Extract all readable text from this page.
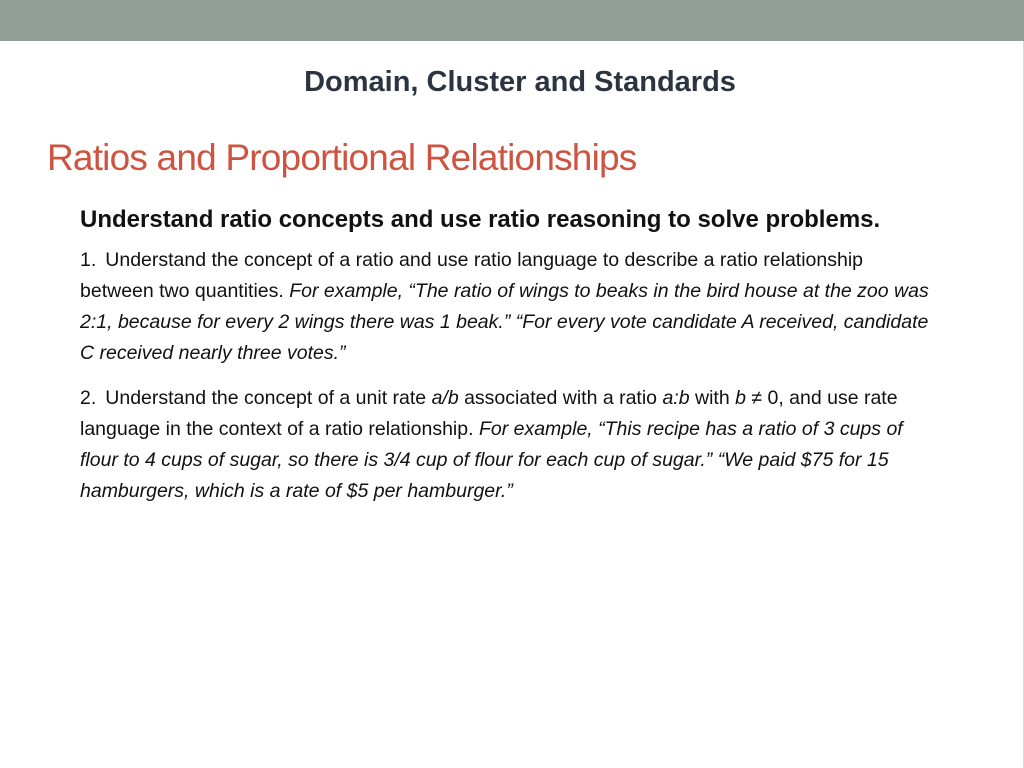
Domain, Cluster and Standards
Ratios and Proportional Relationships
Understand ratio concepts and use ratio reasoning to solve problems.

1. Understand the concept of a ratio and use ratio language to describe a ratio relationship between two quantities. For example, “The ratio of wings to beaks in the bird house at the zoo was 2:1, because for every 2 wings there was 1 beak.” “For every vote candidate A received, candidate C received nearly three votes.”

2. Understand the concept of a unit rate a/b associated with a ratio a:b with b ≠ 0, and use rate language in the context of a ratio relationship. For example, “This recipe has a ratio of 3 cups of flour to 4 cups of sugar, so there is 3/4 cup of flour for each cup of sugar.” “We paid $75 for 15 hamburgers, which is a rate of $5 per hamburger.”
